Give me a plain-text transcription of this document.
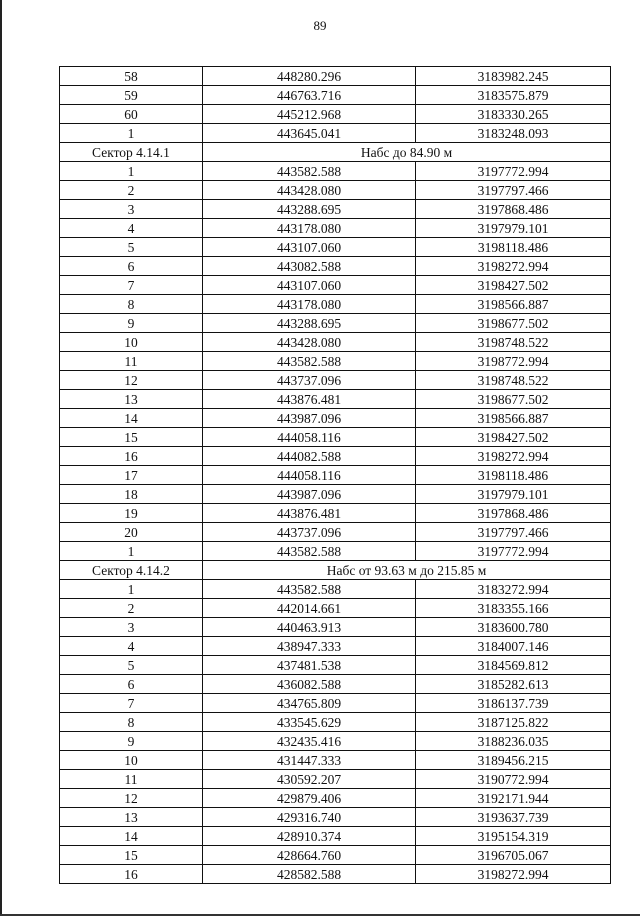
89
58	448280.296	3183982.245
59	446763.716	3183575.879
60	445212.968	3183330.265
1	443645.041	3183248.093
Сектор 4.14.1	Набс до 84.90 м	
1	443582.588	3197772.994
2	443428.080	3197797.466
3	443288.695	3197868.486
4	443178.080	3197979.101
5	443107.060	3198118.486
6	443082.588	3198272.994
7	443107.060	3198427.502
8	443178.080	3198566.887
9	443288.695	3198677.502
10	443428.080	3198748.522
11	443582.588	3198772.994
12	443737.096	3198748.522
13	443876.481	3198677.502
14	443987.096	3198566.887
15	444058.116	3198427.502
16	444082.588	3198272.994
17	444058.116	3198118.486
18	443987.096	3197979.101
19	443876.481	3197868.486
20	443737.096	3197797.466
1	443582.588	3197772.994
Сектор 4.14.2	Набс от 93.63 м до 215.85 м	
1	443582.588	3183272.994
2	442014.661	3183355.166
3	440463.913	3183600.780
4	438947.333	3184007.146
5	437481.538	3184569.812
6	436082.588	3185282.613
7	434765.809	3186137.739
8	433545.629	3187125.822
9	432435.416	3188236.035
10	431447.333	3189456.215
11	430592.207	3190772.994
12	429879.406	3192171.944
13	429316.740	3193637.739
14	428910.374	3195154.319
15	428664.760	3196705.067
16	428582.588	3198272.994
